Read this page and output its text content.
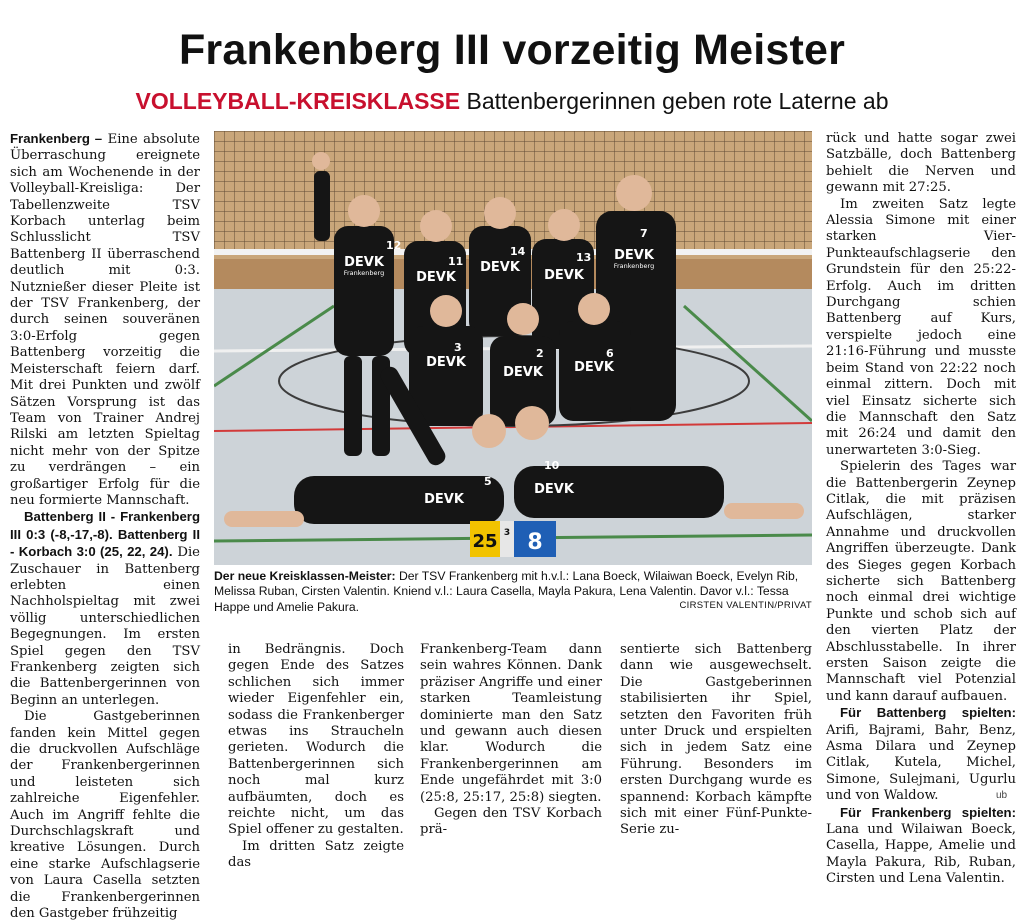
Frankenberg III vorzeitig Meister
VOLLEYBALL-KREISKLASSE Battenbergerinnen geben rote Laterne ab

Frankenberg – Eine absolute Überraschung ereignete sich am Wochenende in der Volleyball-Kreisliga: Der Tabellenzweite TSV Korbach unterlag beim Schlusslicht TSV Battenberg II überraschend deutlich mit 0:3. Nutznießer dieser Pleite ist der TSV Frankenberg, der durch seinen souveränen 3:0-Erfolg gegen Battenberg vorzeitig die Meisterschaft feiern darf. Mit drei Punkten und zwölf Sätzen Vorsprung ist das Team von Trainer Andrej Rilski am letzten Spieltag nicht mehr von der Spitze zu verdrängen – ein großartiger Erfolg für die neu formierte Mannschaft.

Battenberg II - Frankenberg III 0:3 (-8,-17,-8). Battenberg II - Korbach 3:0 (25, 22, 24). Die Zuschauer in Battenberg erlebten einen Nachholspieltag mit zwei völlig unterschiedlichen Begegnungen. Im ersten Spiel gegen den TSV Frankenberg zeigten sich die Battenbergerinnen von Beginn an unterlegen.

Die Gastgeberinnen fanden kein Mittel gegen die druckvollen Aufschläge der Frankenbergerinnen und leisteten sich zahlreiche Eigenfehler. Auch im Angriff fehlte die Durchschlagskraft und kreative Lösungen. Durch eine starke Aufschlagserie von Laura Casella setzten die Frankenbergerinnen den Gastgeber frühzeitig

DEVK
DEVK
DEVK
DEVK
DEVK
DEVK
DEVK DEVK
DEVK
DEVK
Frankenberg
Frankenberg
12
11
14	13
7
3	2	6
5
10
25 3 8
Der neue Kreisklassen-Meister: Der TSV Frankenberg mit h.v.l.: Lana Boeck, Wilaiwan Boeck, Evelyn Rib, Melissa Ruban, Cirsten Valentin. Kniend v.l.: Laura Casella, Mayla Pakura, Lena Valentin. Davor v.l.: Tessa Happe und Amelie Pakura.	CIRSTEN VALENTIN/PRIVAT

in Bedrängnis. Doch gegen Ende des Satzes schlichen sich immer wieder Eigenfehler ein, sodass die Frankenberger etwas ins Straucheln gerieten. Wodurch die Battenbergerinnen sich noch mal kurz aufbäumten, doch es reichte nicht, um das Spiel offener zu gestalten.

Im dritten Satz zeigte das

Frankenberg-Team dann sein wahres Können. Dank präziser Angriffe und einer starken Teamleistung dominierte man den Satz und gewann auch diesen klar. Wodurch die Frankenbergerinnen am Ende ungefährdet mit 3:0 (25:8, 25:17, 25:8) siegten.

Gegen den TSV Korbach prä-

sentierte sich Battenberg dann wie ausgewechselt. Die Gastgeberinnen stabilisierten ihr Spiel, setzten den Favoriten früh unter Druck und erspielten sich in jedem Satz eine Führung. Besonders im ersten Durchgang wurde es spannend: Korbach kämpfte sich mit einer Fünf-Punkte-Serie zu-

rück und hatte sogar zwei Satzbälle, doch Battenberg behielt die Nerven und gewann mit 27:25.

Im zweiten Satz legte Alessia Simone mit einer starken Vier-Punkteaufschlagserie den Grundstein für den 25:22-Erfolg. Auch im dritten Durchgang schien Battenberg auf Kurs, verspielte jedoch eine 21:16-Führung und musste beim Stand von 22:22 noch einmal zittern. Doch mit viel Einsatz sicherte sich die Mannschaft den Satz mit 26:24 und damit den unerwarteten 3:0-Sieg.

Spielerin des Tages war die Battenbergerin Zeynep Citlak, die mit präzisen Aufschlägen, starker Annahme und druckvollen Angriffen überzeugte. Dank des Sieges gegen Korbach sicherte sich Battenberg noch einmal drei wichtige Punkte und schob sich auf den vierten Platz der Abschlusstabelle. In ihrer ersten Saison zeigte die Mannschaft viel Potenzial und kann darauf aufbauen.

Für Battenberg spielten: Arifi, Bajrami, Bahr, Benz, Asma Dilara und Zeynep Citlak, Kutela, Michel, Simone, Sulejmani, Ugurlu und von Waldow.

Für Frankenberg spielten: Lana und Wilaiwan Boeck, Casella, Happe, Amelie und Mayla Pakura, Rib, Ruban, Cirsten und Lena Valentin.

ub
